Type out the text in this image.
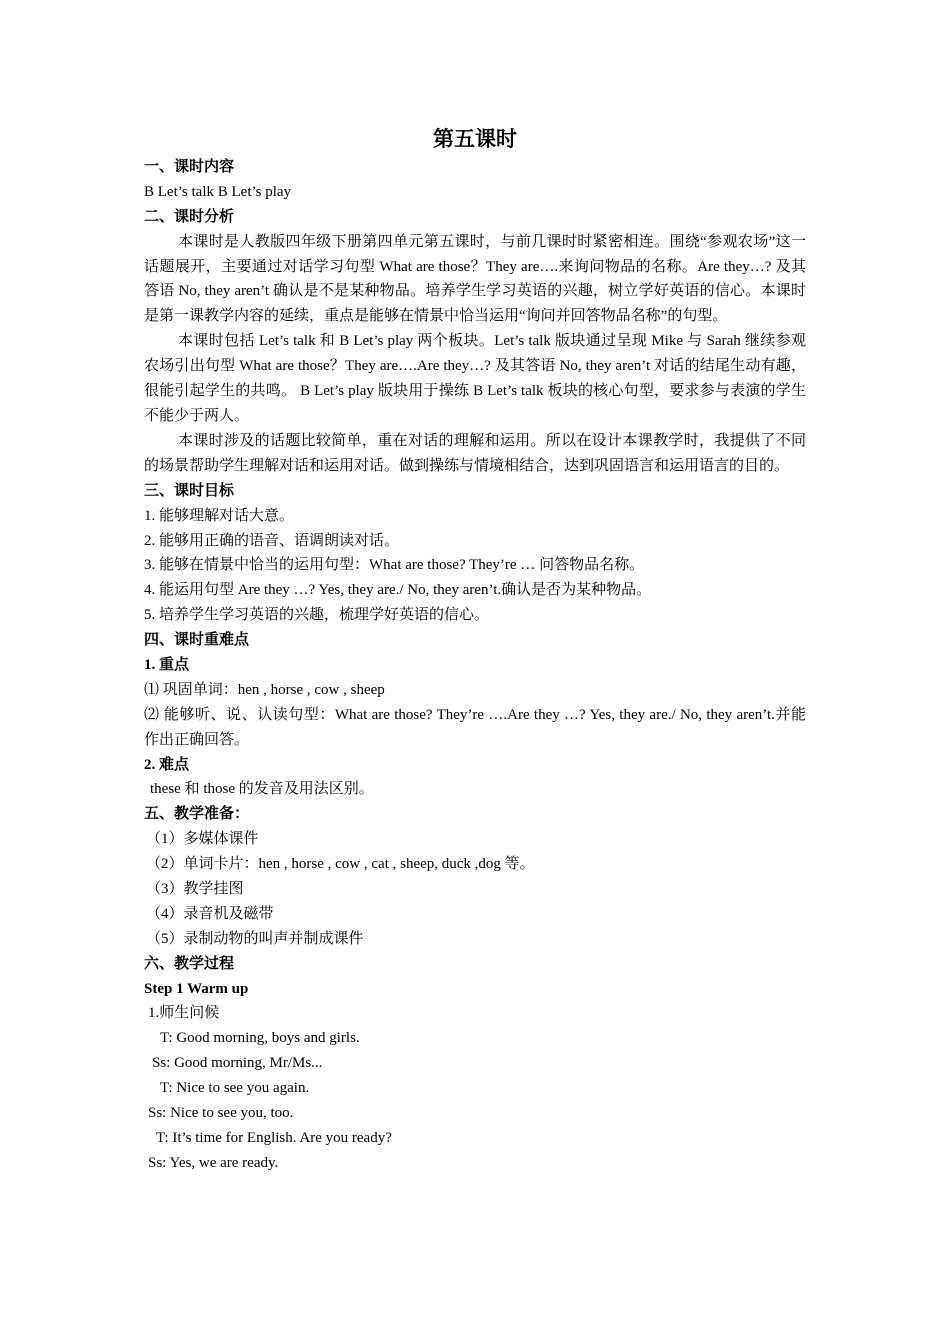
第五课时
一、课时内容
B Let’s talk B Let’s play
二、课时分析

本课时是人教版四年级下册第四单元第五课时，与前几课时时紧密相连。围绕“参观农场”这一话题展开，主要通过对话学习句型 What are those？They are….来询问物品的名称。Are they…? 及其答语 No, they aren’t 确认是不是某种物品。培养学生学习英语的兴趣，树立学好英语的信心。本课时是第一课教学内容的延续，重点是能够在情景中恰当运用“询问并回答物品名称”的句型。

本课时包括 Let’s talk 和 B Let’s play 两个板块。Let’s talk 版块通过呈现 Mike 与 Sarah 继续参观农场引出句型 What are those？They are….Are they…? 及其答语 No, they aren’t 对话的结尾生动有趣，很能引起学生的共鸣。 B Let’s play 版块用于操练 B Let’s talk 板块的核心句型，要求参与表演的学生不能少于两人。

本课时涉及的话题比较简单，重在对话的理解和运用。所以在设计本课教学时，我提供了不同的场景帮助学生理解对话和运用对话。做到操练与情境相结合，达到巩固语言和运用语言的目的。

三、课时目标
1. 能够理解对话大意。
2. 能够用正确的语音、语调朗读对话。
3. 能够在情景中恰当的运用句型：What are those? They’re … 问答物品名称。
4. 能运用句型 Are they …? Yes, they are./ No, they aren’t.确认是否为某种物品。
5. 培养学生学习英语的兴趣，梳理学好英语的信心。
四、课时重难点
1. 重点
⑴ 巩固单词：hen , horse , cow , sheep

⑵ 能够听、说、认读句型：What are those? They’re ….Are they …? Yes, they are./ No, they aren’t.并能作出正确回答。

2. 难点
these 和 those 的发音及用法区别。
五、教学准备：
（1）多媒体课件
（2）单词卡片：hen , horse , cow , cat , sheep, duck ,dog 等。
（3）教学挂图
（4）录音机及磁带
（5）录制动物的叫声并制成课件
六、教学过程
Step 1 Warm up
1.师生问候
T: Good morning, boys and girls.
Ss: Good morning, Mr/Ms...
T: Nice to see you again.
Ss: Nice to see you, too.
T: It’s time for English. Are you ready?
Ss: Yes, we are ready.
